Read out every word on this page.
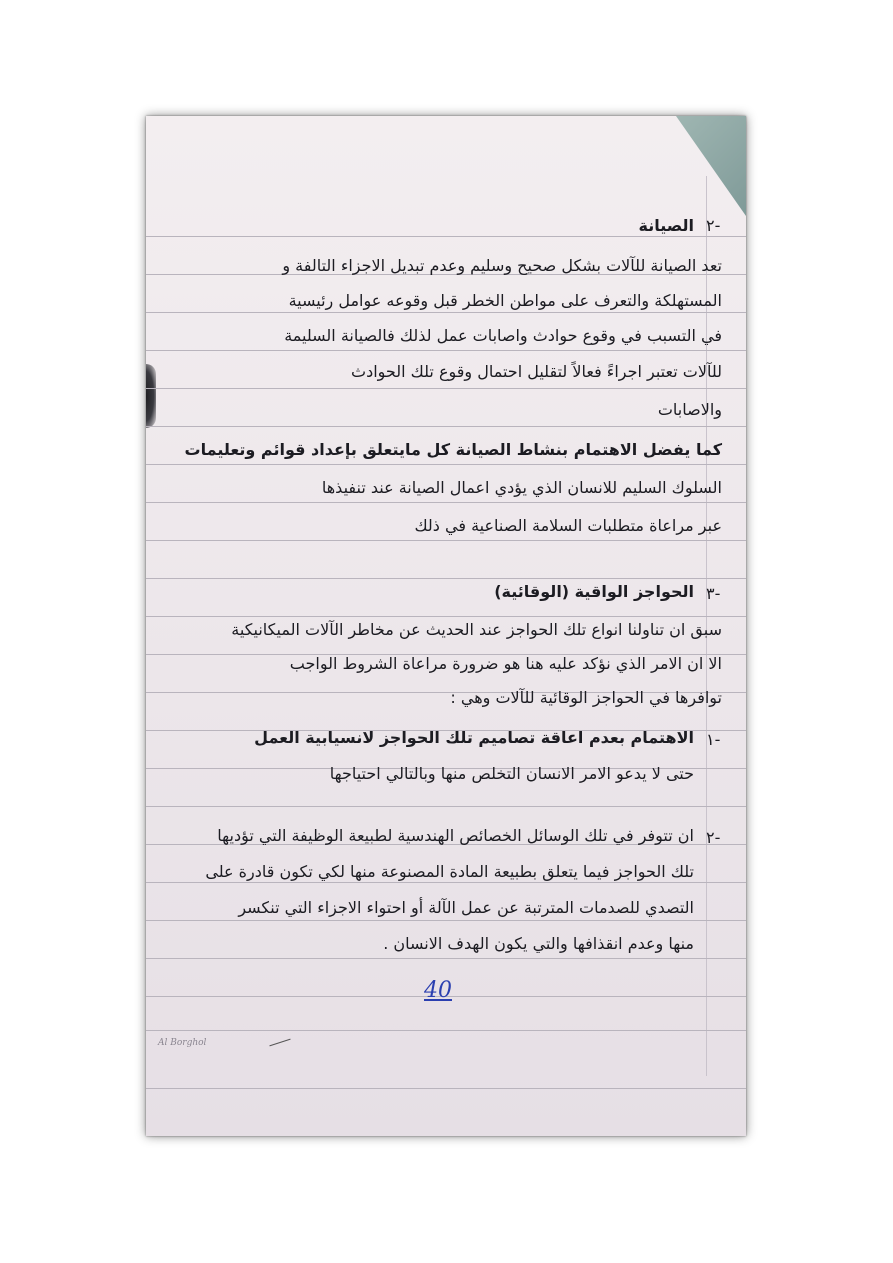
٢-
الصيانة
تعد الصيانة للآلات بشكل صحيح وسليم وعدم تبديل الاجزاء التالفة و
المستهلكة والتعرف على مواطن الخطر قبل وقوعه عوامل رئيسية
في التسبب في وقوع حوادث واصابات عمل لذلك فالصيانة السليمة
للآلات تعتبر اجراءً فعالاً لتقليل احتمال وقوع تلك الحوادث
والاصابات
كما يفضل الاهتمام بنشاط الصيانة كل مايتعلق بإعداد قوائم وتعليمات
السلوك السليم للانسان الذي يؤدي اعمال الصيانة عند تنفيذها
عبر مراعاة متطلبات السلامة الصناعية في ذلك
٣-
الحواجز الواقية (الوقائية)
سبق ان تناولنا انواع تلك الحواجز عند الحديث عن مخاطر الآلات الميكانيكية
الا ان الامر الذي نؤكد عليه هنا هو ضرورة مراعاة الشروط الواجب
توافرها في الحواجز الوقائية للآلات وهي :
١-
الاهتمام بعدم اعاقة تصاميم تلك الحواجز لانسيابية العمل
حتى لا يدعو الامر الانسان التخلص منها وبالتالي احتياجها
٢-
ان تتوفر في تلك الوسائل الخصائص الهندسية لطبيعة الوظيفة التي تؤديها
تلك الحواجز فيما يتعلق بطبيعة المادة المصنوعة منها لكي تكون قادرة على
التصدي للصدمات المترتبة عن عمل الآلة أو احتواء الاجزاء التي تنكسر
منها وعدم انقذافها والتي يكون الهدف الانسان .
40
Al Borghol
